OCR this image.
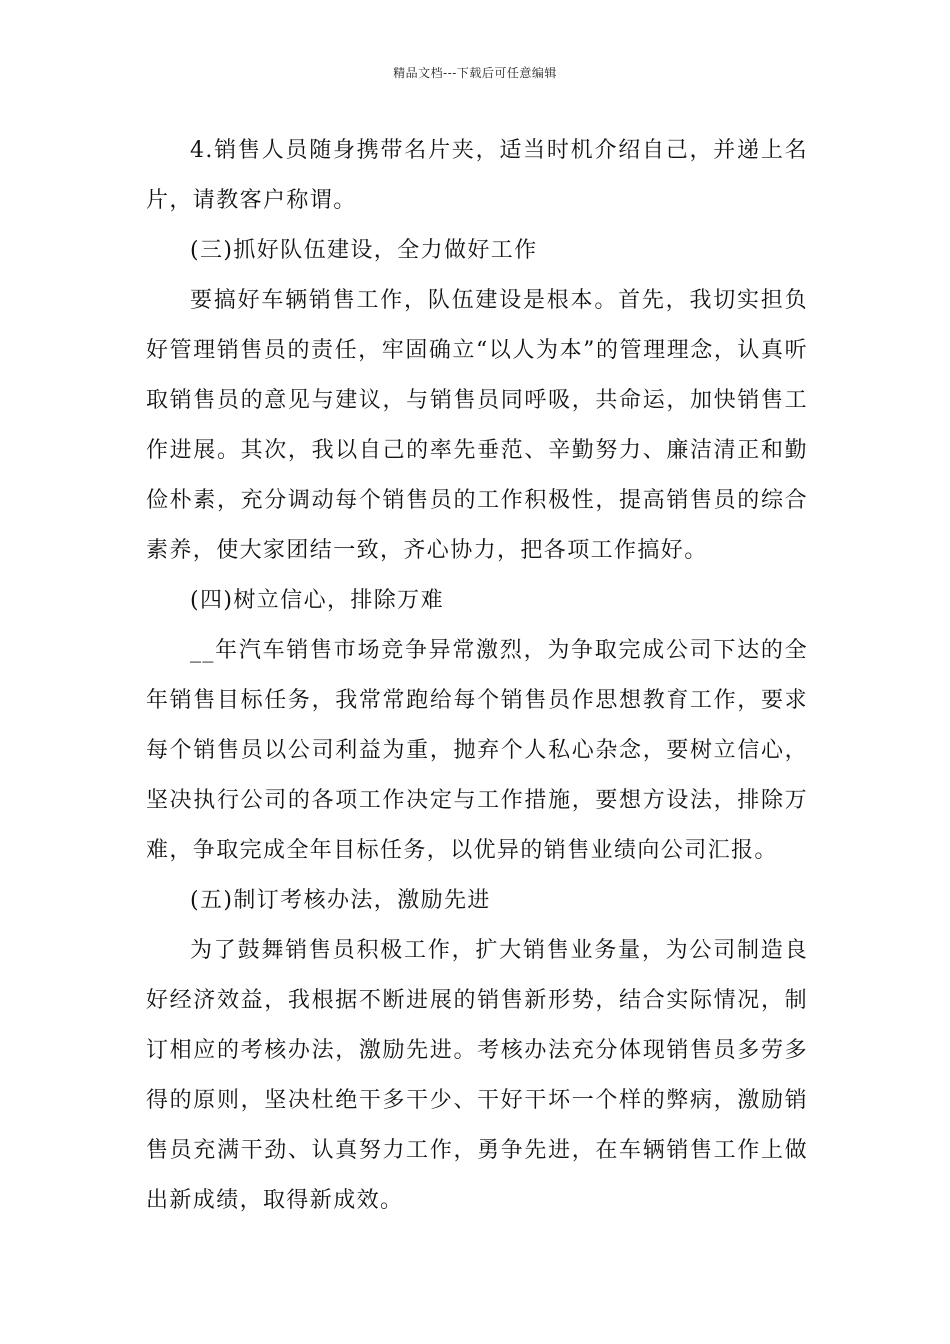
精品文档---下载后可任意编辑

4.销售人员随身携带名片夹，适当时机介绍自己，并递上名片，请教客户称谓。

(三)抓好队伍建设，全力做好工作

要搞好车辆销售工作，队伍建设是根本。首先，我切实担负好管理销售员的责任，牢固确立“以人为本”的管理理念，认真听取销售员的意见与建议，与销售员同呼吸，共命运，加快销售工作进展。其次，我以自己的率先垂范、辛勤努力、廉洁清正和勤俭朴素，充分调动每个销售员的工作积极性，提高销售员的综合素养，使大家团结一致，齐心协力，把各项工作搞好。

(四)树立信心，排除万难

__年汽车销售市场竞争异常激烈，为争取完成公司下达的全年销售目标任务，我常常跑给每个销售员作思想教育工作，要求每个销售员以公司利益为重，抛弃个人私心杂念，要树立信心，坚决执行公司的各项工作决定与工作措施，要想方设法，排除万难，争取完成全年目标任务，以优异的销售业绩向公司汇报。

(五)制订考核办法，激励先进

为了鼓舞销售员积极工作，扩大销售业务量，为公司制造良好经济效益，我根据不断进展的销售新形势，结合实际情况，制订相应的考核办法，激励先进。考核办法充分体现销售员多劳多得的原则，坚决杜绝干多干少、干好干坏一个样的弊病，激励销售员充满干劲、认真努力工作，勇争先进，在车辆销售工作上做出新成绩，取得新成效。
